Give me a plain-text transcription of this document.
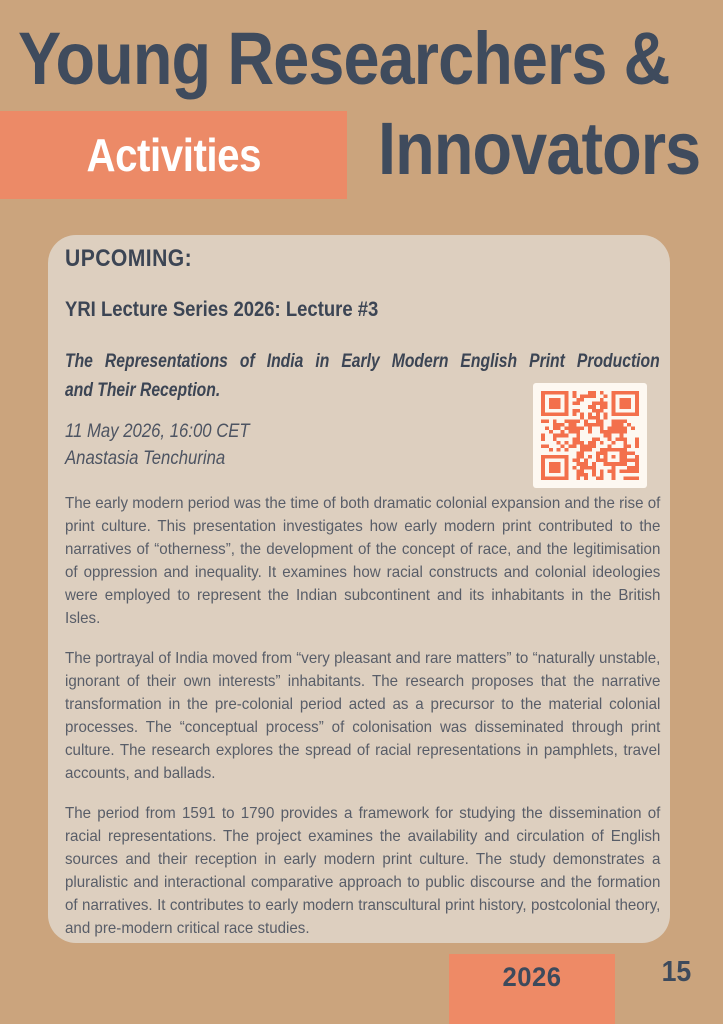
Young Researchers &
Activities Innovators
UPCOMING:
YRI Lecture Series 2026: Lecture #3
The Representations of India in Early Modern English Print Production
and Their Reception.
11 May 2026, 16:00 CET
Anastasia Tenchurina

The early modern period was the time of both dramatic colonial expansion and the rise of print culture. This presentation investigates how early modern print contributed to the narratives of “otherness”, the development of the concept of race, and the legitimisation of oppression and inequality. It examines how racial constructs and colonial ideologies were employed to represent the Indian subcontinent and its inhabitants in the British Isles.

The portrayal of India moved from “very pleasant and rare matters” to “naturally unstable, ignorant of their own interests” inhabitants. The research proposes that the narrative transformation in the pre-colonial period acted as a precursor to the material colonial processes. The “conceptual process” of colonisation was disseminated through print culture. The research explores the spread of racial representations in pamphlets, travel accounts, and ballads.

The period from 1591 to 1790 provides a framework for studying the dissemination of racial representations. The project examines the availability and circulation of English sources and their reception in early modern print culture. The study demonstrates a pluralistic and interactional comparative approach to public discourse and the formation of narratives. It contributes to early modern transcultural print history, postcolonial theory, and pre-modern critical race studies.

2026	15
